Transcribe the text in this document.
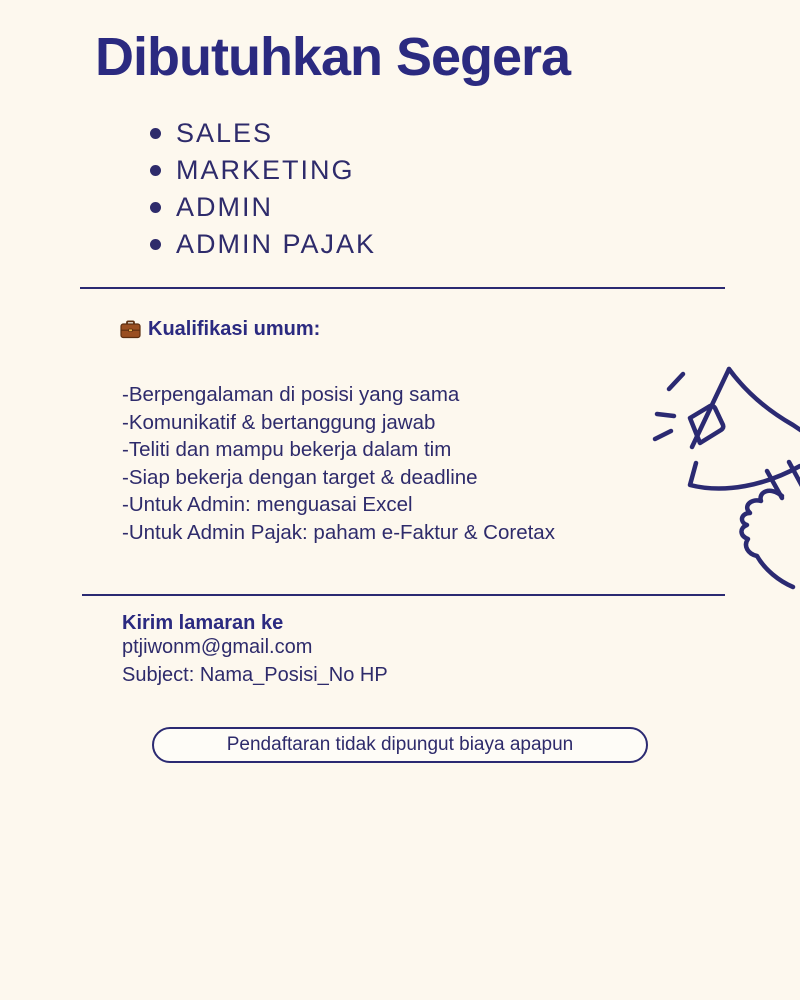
Dibutuhkan Segera
SALES
MARKETING
ADMIN
ADMIN PAJAK
Kualifikasi umum:
-Berpengalaman di posisi yang sama
-Komunikatif & bertanggung jawab
-Teliti dan mampu bekerja dalam tim
-Siap bekerja dengan target & deadline
-Untuk Admin: menguasai Excel
-Untuk Admin Pajak: paham e-Faktur & Coretax
Kirim lamaran ke
ptjiwonm@gmail.com
Subject: Nama_Posisi_No HP
Pendaftaran tidak dipungut biaya apapun
